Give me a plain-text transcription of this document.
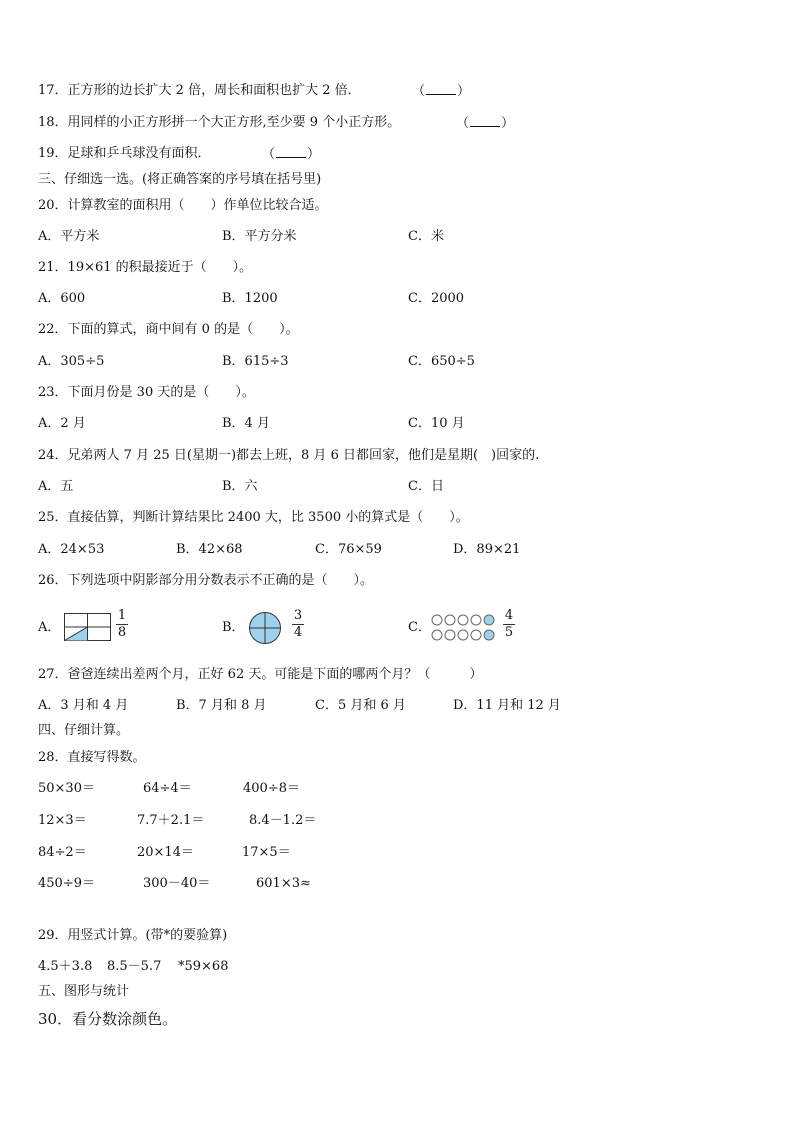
17．正方形的边长扩大 2 倍，周长和面积也扩大 2 倍．	（ ）
18．用同样的小正方形拼一个大正方形,至少要 9 个小正方形。	（ ）
19．足球和乒乓球没有面积．	（ ）
三、仔细选一选。(将正确答案的序号填在括号里)
20．计算教室的面积用（　　）作单位比较合适。
A．平方米	B．平方分米	C．米
21．19×61 的积最接近于（　　）。
A．600	B．1200	C．2000
22．下面的算式，商中间有 0 的是（　　）。
A．305÷5	B．615÷3	C．650÷5
23．下面月份是 30 天的是（　　）。
A．2 月	B．4 月	C．10 月
24．兄弟两人 7 月 25 日(星期一)都去上班，8 月 6 日都回家，他们是星期(　)回家的.
A．五	B．六	C．日
25．直接估算，判断计算结果比 2400 大，比 3500 小的算式是（　　）。
A．24×53	B．42×68	C．76×59	D．89×21
26．下列选项中阴影部分用分数表示不正确的是（　　）。
A．
1
8	B．
3
4	C．
4
5
27．爸爸连续出差两个月，正好 62 天。可能是下面的哪两个月？（　　　）
A．3 月和 4 月	B．7 月和 8 月	C．5 月和 6 月	D．11 月和 12 月
四、仔细计算。
28．直接写得数。
50×30＝	64÷4＝	400÷8＝
12×3＝	7.7＋2.1＝	8.4－1.2＝
84÷2＝	20×14＝	17×5＝
450÷9＝	300－40＝	601×3≈
29．用竖式计算。(带*的要验算)
4.5＋3.8 8.5－5.7 *59×68
五、图形与统计
30．看分数涂颜色。
